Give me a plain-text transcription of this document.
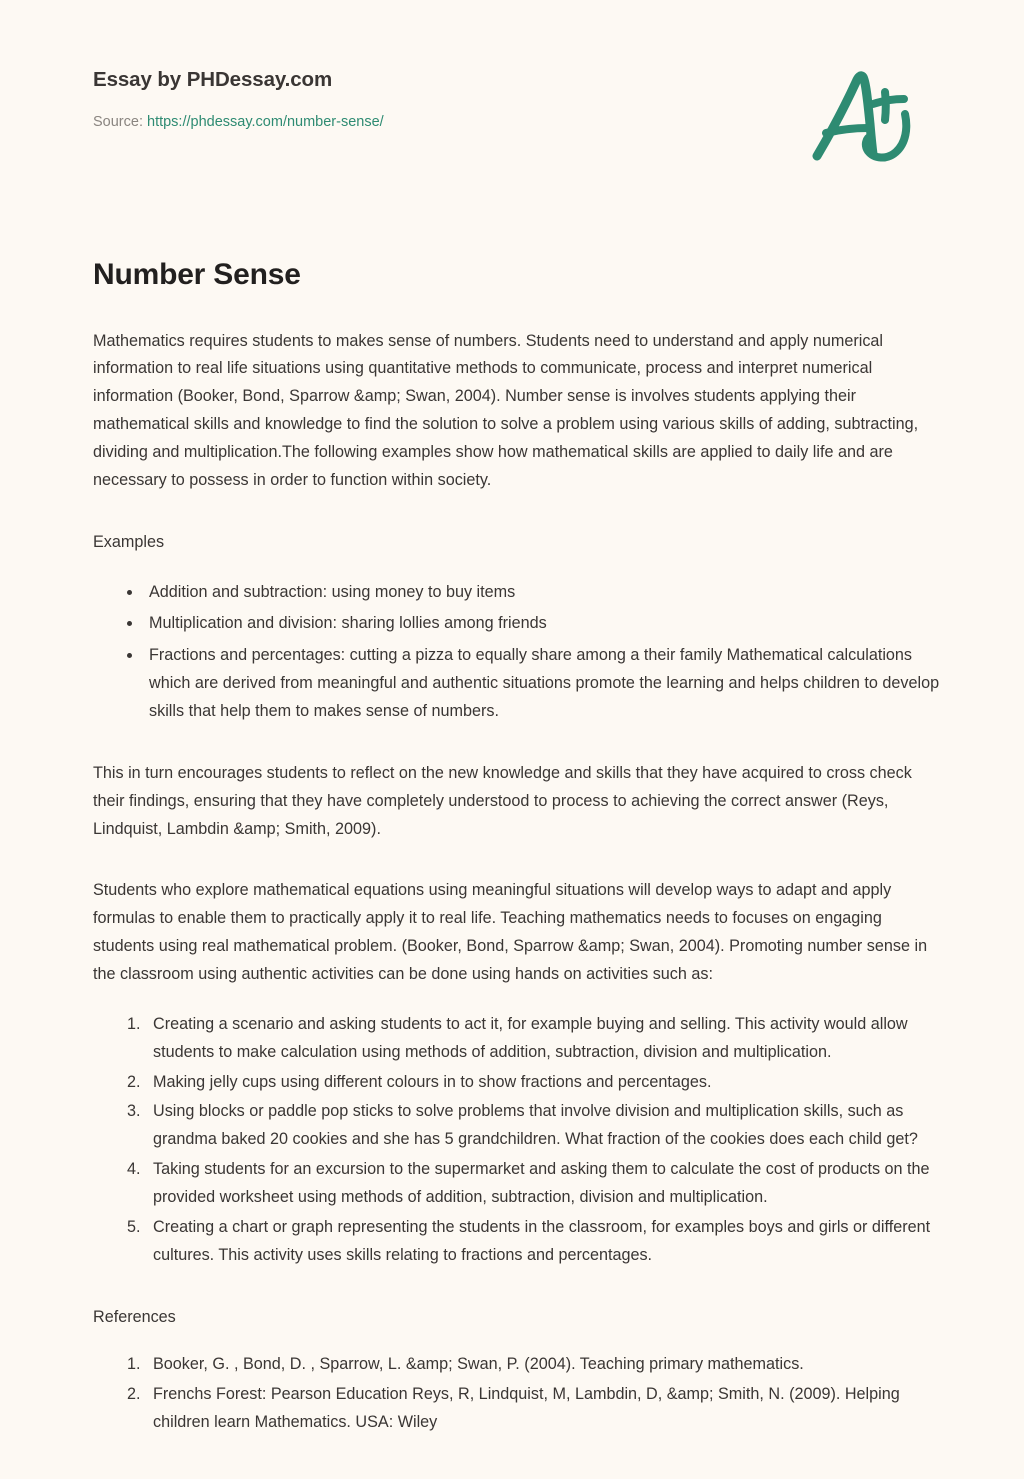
Essay by PHDessay.com
Source: https://phdessay.com/number-sense/
Number Sense

Mathematics requires students to makes sense of numbers. Students need to understand and apply numerical information to real life situations using quantitative methods to communicate, process and interpret numerical information (Booker, Bond, Sparrow &amp; Swan, 2004). Number sense is involves students applying their mathematical skills and knowledge to find the solution to solve a problem using various skills of adding, subtracting, dividing and multiplication.The following examples show how mathematical skills are applied to daily life and are necessary to possess in order to function within society.

Examples

• Addition and subtraction: using money to buy items
• Multiplication and division: sharing lollies among friends
• Fractions and percentages: cutting a pizza to equally share among a their family Mathematical calculations which are derived from meaningful and authentic situations promote the learning and helps children to develop skills that help them to makes sense of numbers.

This in turn encourages students to reflect on the new knowledge and skills that they have acquired to cross check their findings, ensuring that they have completely understood to process to achieving the correct answer (Reys, Lindquist, Lambdin &amp; Smith, 2009).

Students who explore mathematical equations using meaningful situations will develop ways to adapt and apply formulas to enable them to practically apply it to real life. Teaching mathematics needs to focuses on engaging students using real mathematical problem. (Booker, Bond, Sparrow &amp; Swan, 2004). Promoting number sense in the classroom using authentic activities can be done using hands on activities such as:

1. Creating a scenario and asking students to act it, for example buying and selling. This activity would allow students to make calculation using methods of addition, subtraction, division and multiplication.
2. Making jelly cups using different colours in to show fractions and percentages.
3. Using blocks or paddle pop sticks to solve problems that involve division and multiplication skills, such as grandma baked 20 cookies and she has 5 grandchildren. What fraction of the cookies does each child get?
4. Taking students for an excursion to the supermarket and asking them to calculate the cost of products on the provided worksheet using methods of addition, subtraction, division and multiplication.
5. Creating a chart or graph representing the students in the classroom, for examples boys and girls or different cultures. This activity uses skills relating to fractions and percentages.

References

1. Booker, G. , Bond, D. , Sparrow, L. &amp; Swan, P. (2004). Teaching primary mathematics.
2. Frenchs Forest: Pearson Education Reys, R, Lindquist, M, Lambdin, D, &amp; Smith, N. (2009). Helping children learn Mathematics. USA: Wiley
